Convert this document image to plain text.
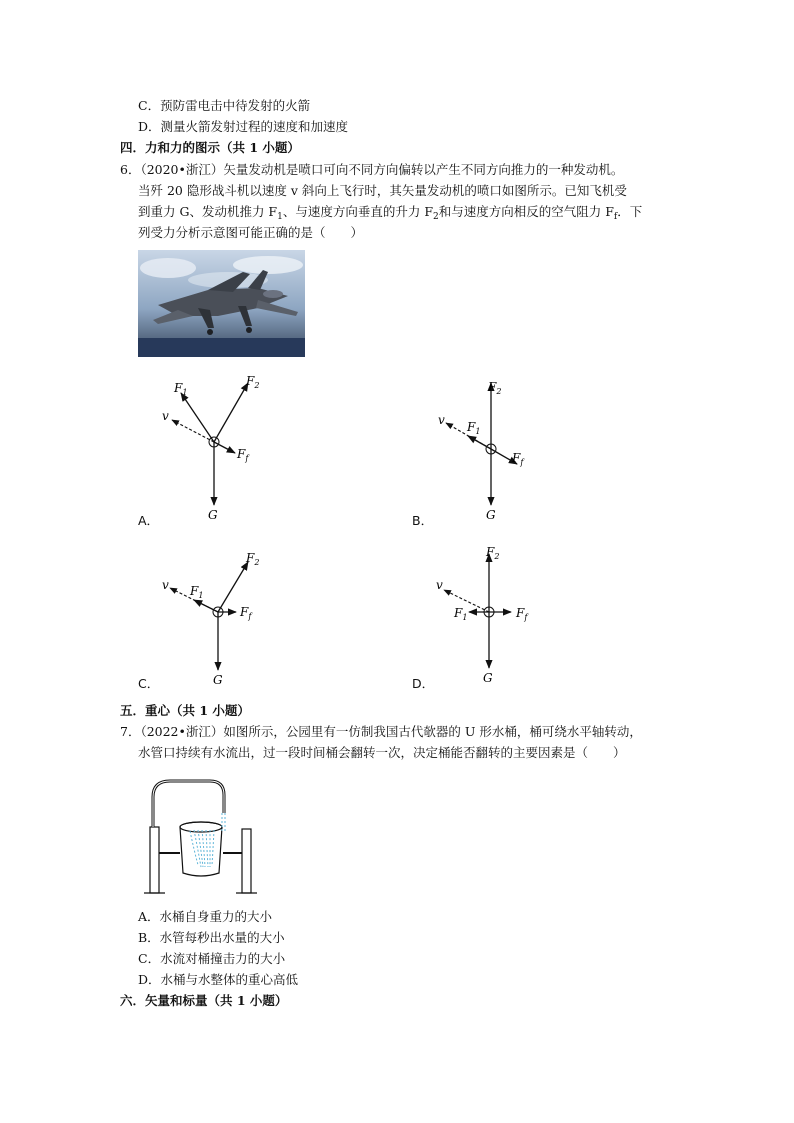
C．预防雷电击中待发射的火箭
D．测量火箭发射过程的速度和加速度
四．力和力的图示（共 1 小题）
6．（2020•浙江）矢量发动机是喷口可向不同方向偏转以产生不同方向推力的一种发动机。
当歼 20 隐形战斗机以速度 v 斜向上飞行时，其矢量发动机的喷口如图所示。已知飞机受
到重力 G、发动机推力 $F_1$、与速度方向垂直的升力 $F_2$和与速度方向相反的空气阻力 $F_f$．下
列受力分析示意图可能正确的是（　　）
$F_1$
$F_2$
v
$F_f$
G
A．
$F_2$
v $F_1$
$F_f$
G
B．
$F_2$
v $F_1$
$F_f$
G
C．
$F_2$
v
$F_1$	$F_f$
G
D．
五．重心（共 1 小题）
7．（2022•浙江）如图所示，公园里有一仿制我国古代欹器的 U 形水桶，桶可绕水平轴转动，
水管口持续有水流出，过一段时间桶会翻转一次，决定桶能否翻转的主要因素是（　　）
A．水桶自身重力的大小
B．水管每秒出水量的大小
C．水流对桶撞击力的大小
D．水桶与水整体的重心高低
六．矢量和标量（共 1 小题）
